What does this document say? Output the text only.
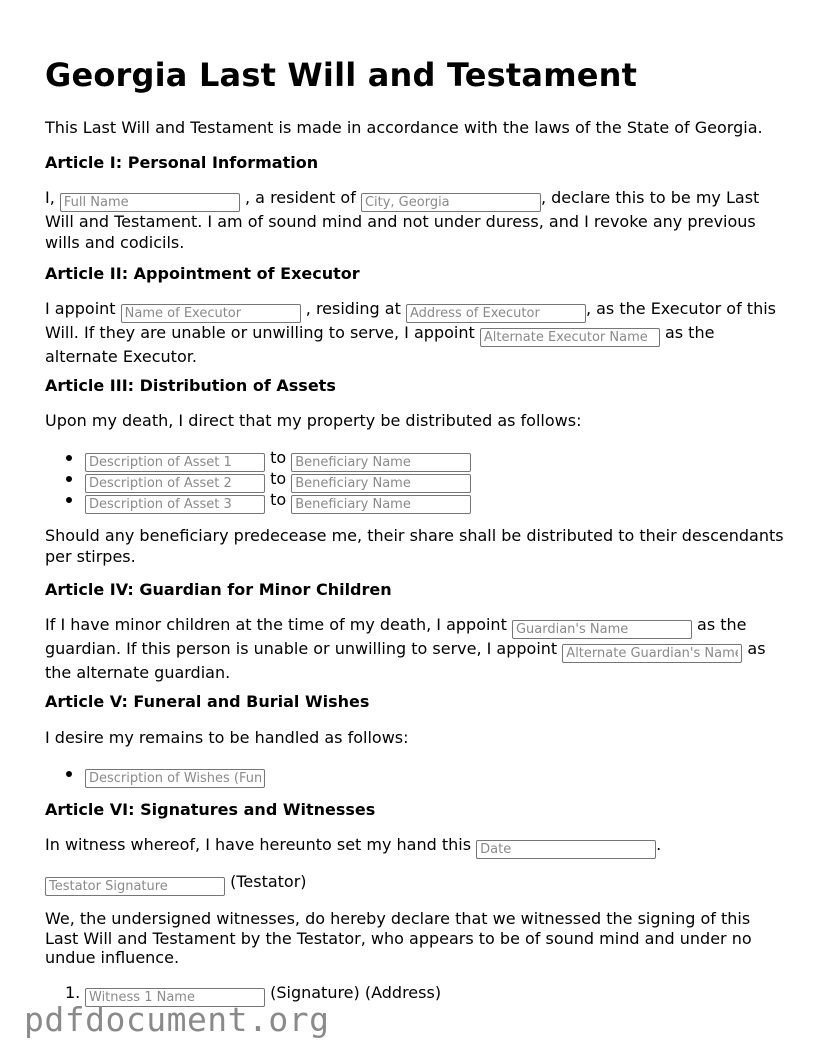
Georgia Last Will and Testament
This Last Will and Testament is made in accordance with the laws of the State of Georgia.
Article I: Personal Information
I, Full Name	, a resident of City, Georgia	, declare this to be my Last Will and Testament. I am of sound mind and not under duress, and I revoke any previous wills and codicils.
Article II: Appointment of Executor
I appoint Name of Executor	, residing at Address of Executor	, as the Executor of this Will. If they are unable or unwilling to serve, I appoint Alternate Executor Name	as the alternate Executor.
Article III: Distribution of Assets
Upon my death, I direct that my property be distributed as follows:
Description of Asset 1 to Beneficiary Name
Description of Asset 2 to Beneficiary Name
Description of Asset 3 to Beneficiary Name
Should any beneficiary predecease me, their share shall be distributed to their descendants per stirpes.
Article IV: Guardian for Minor Children
If I have minor children at the time of my death, I appoint Guardian's Name	as the guardian. If this person is unable or unwilling to serve, I appoint Alternate Guardian's Name	as the alternate guardian.
Article V: Funeral and Burial Wishes
I desire my remains to be handled as follows:
Description of Wishes (Funeral, Burial, Cremation)
Article VI: Signatures and Witnesses
In witness whereof, I have hereunto set my hand this Date	.
Testator Signature (Testator)
We, the undersigned witnesses, do hereby declare that we witnessed the signing of this Last Will and Testament by the Testator, who appears to be of sound mind and under no undue influence.
1.
Witness 1 Name	(Signature) (Address)
pdfdocument.org
